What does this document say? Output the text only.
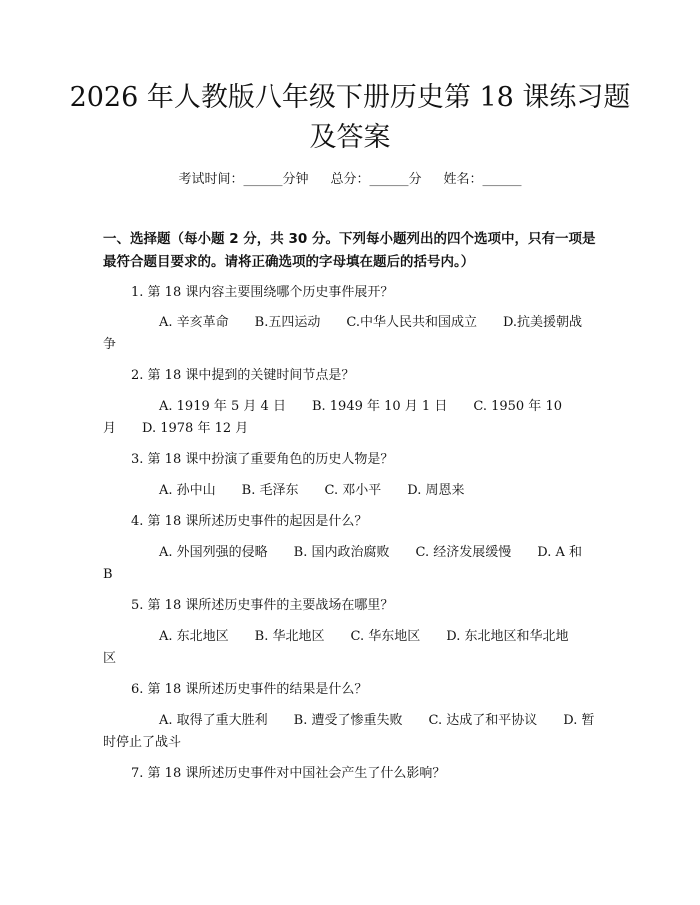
2026 年人教版八年级下册历史第 18 课练习题及答案
考试时间：______分钟 总分：______分 姓名：______

一、选择题（每小题 2 分，共 30 分。下列每小题列出的四个选项中，只有一项是最符合题目要求的。请将正确选项的字母填在题后的括号内。）

1. 第 18 课内容主要围绕哪个历史事件展开？

A. 辛亥革命 B.五四运动 C.中华人民共和国成立 D.抗美援朝战争

2. 第 18 课中提到的关键时间节点是？

A. 1919 年 5 月 4 日 B. 1949 年 10 月 1 日 C. 1950 年 10 月 D. 1978 年 12 月

3. 第 18 课中扮演了重要角色的历史人物是？

A. 孙中山 B. 毛泽东 C. 邓小平 D. 周恩来

4. 第 18 课所述历史事件的起因是什么？

A. 外国列强的侵略 B. 国内政治腐败 C. 经济发展缓慢 D. A 和 B

5. 第 18 课所述历史事件的主要战场在哪里？

A. 东北地区 B. 华北地区 C. 华东地区 D. 东北地区和华北地区

6. 第 18 课所述历史事件的结果是什么？

A. 取得了重大胜利 B. 遭受了惨重失败 C. 达成了和平协议 D. 暂时停止了战斗

7. 第 18 课所述历史事件对中国社会产生了什么影响？
